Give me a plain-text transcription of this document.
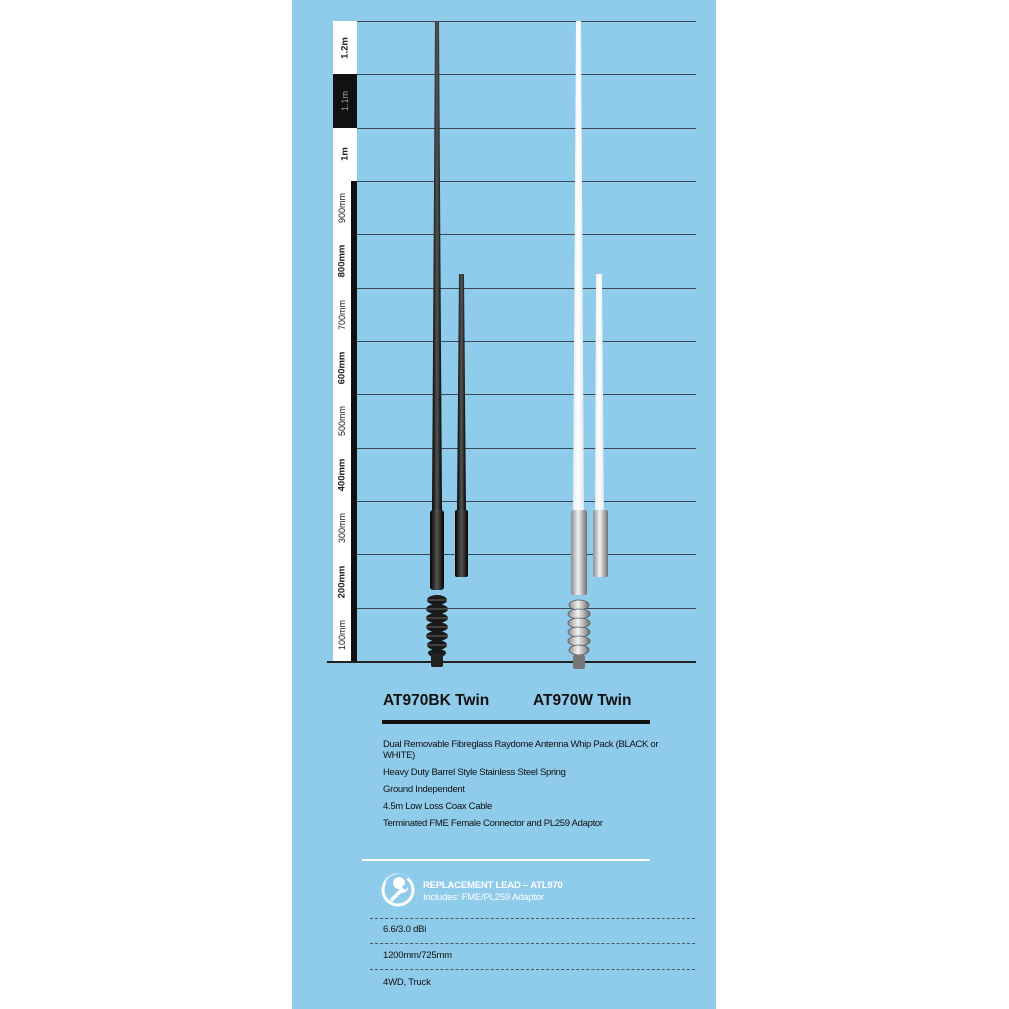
1.2m
1.1m
1m
900mm
800mm
700mm
600mm
500mm
400mm
300mm
200mm
100mm
AT970BK Twin	AT970W Twin
Dual Removable Fibreglass Raydome Antenna Whip Pack (BLACK or WHITE)
Heavy Duty Barrel Style Stainless Steel Spring
Ground Independent
4.5m Low Loss Coax Cable
Terminated FME Female Connector and PL259 Adaptor
REPLACEMENT LEAD – ATL970
Includes: FME/PL259 Adaptor
6.6/3.0 dBi
1200mm/725mm
4WD, Truck
